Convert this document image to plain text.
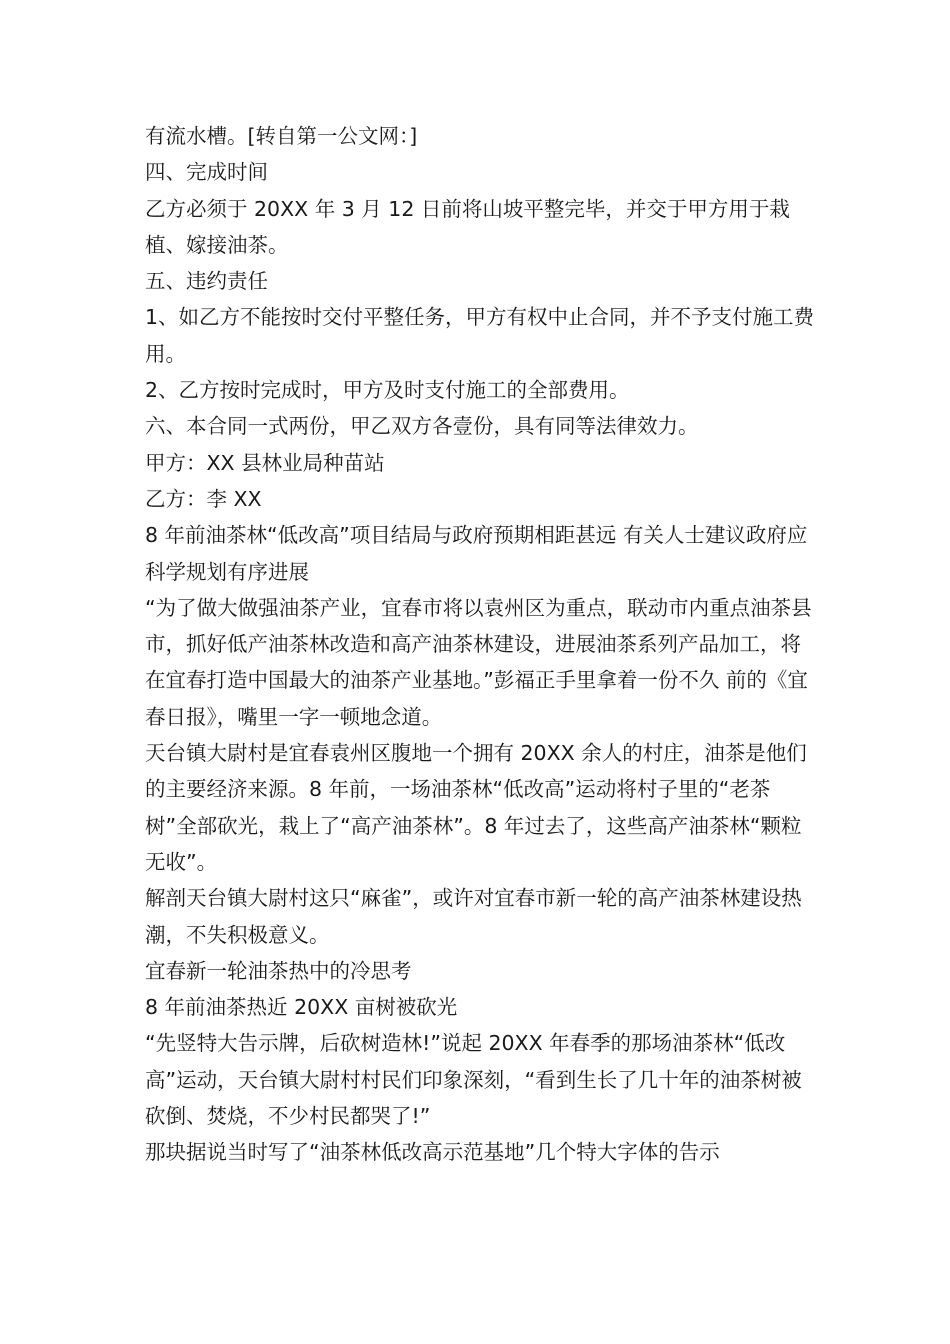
有流水槽。[转自第一公文网：]

四、完成时间

乙方必须于 20XX 年 3 月 12 日前将山坡平整完毕，并交于甲方用于栽植、嫁接油茶。

五、违约责任

1、如乙方不能按时交付平整任务，甲方有权中止合同，并不予支付施工费用。

2、乙方按时完成时，甲方及时支付施工的全部费用。

六、本合同一式两份，甲乙双方各壹份，具有同等法律效力。

甲方：XX 县林业局种苗站

乙方：李 XX

8 年前油茶林“低改高”项目结局与政府预期相距甚远 有关人士建议政府应科学规划有序进展

“为了做大做强油茶产业，宜春市将以袁州区为重点，联动市内重点油茶县市，抓好低产油茶林改造和高产油茶林建设，进展油茶系列产品加工，将在宜春打造中国最大的油茶产业基地。”彭福正手里拿着一份不久 前的《宜春日报》，嘴里一字一顿地念道。

天台镇大尉村是宜春袁州区腹地一个拥有 20XX 余人的村庄，油茶是他们的主要经济来源。8 年前，一场油茶林“低改高”运动将村子里的“老茶树”全部砍光，栽上了“高产油茶林”。8 年过去了，这些高产油茶林“颗粒无收”。

解剖天台镇大尉村这只“麻雀”，或许对宜春市新一轮的高产油茶林建设热潮，不失积极意义。

宜春新一轮油茶热中的冷思考

8 年前油茶热近 20XX 亩树被砍光

“先竖特大告示牌，后砍树造林!”说起 20XX 年春季的那场油茶林“低改高”运动，天台镇大尉村村民们印象深刻，“看到生长了几十年的油茶树被砍倒、焚烧，不少村民都哭了!”

那块据说当时写了“油茶林低改高示范基地”几个特大字体的告示
